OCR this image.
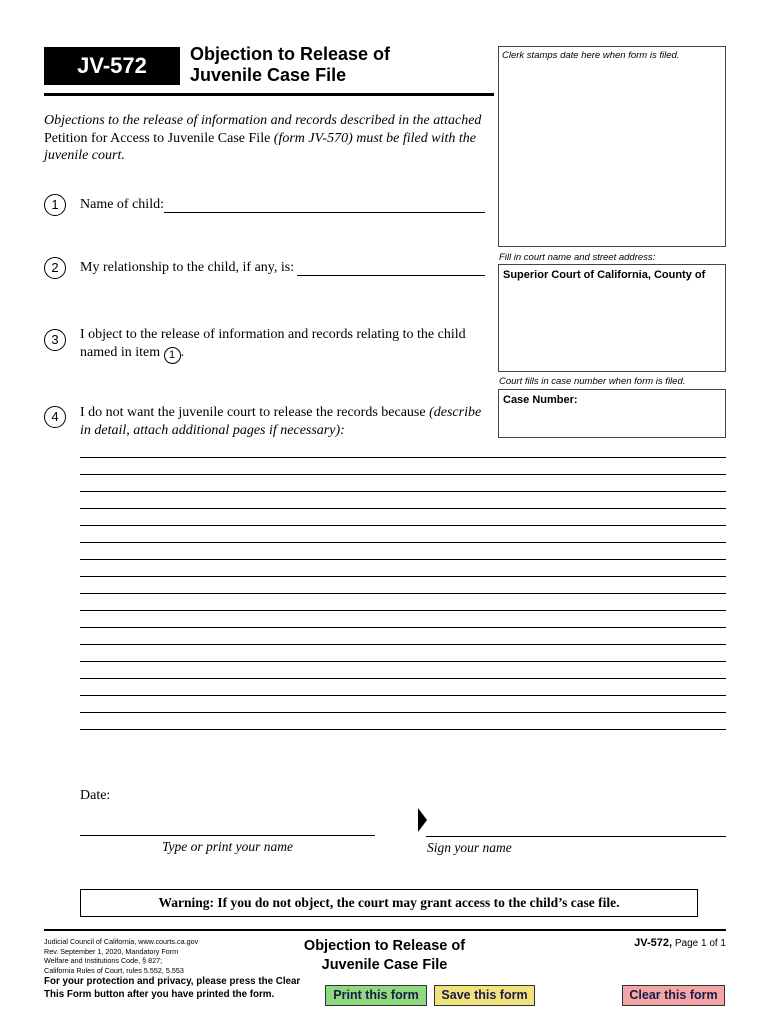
JV-572	Objection to Release of
Juvenile Case File
Objections to the release of information and records described in the attached Petition for Access to Juvenile Case File (form JV-570) must be filed with the juvenile court.
Clerk stamps date here when form is filed.
Fill in court name and street address:
Superior Court of California, County of
Court fills in case number when form is filed.
Case Number:
1	Name of child:
2	My relationship to the child, if any, is:
3	I object to the release of information and records relating to the child
named in item 1 .
4	I do not want the juvenile court to release the records because (describe
in detail, attach additional pages if necessary):
Date:
Type or print your name	Sign your name
Warning: If you do not object, the court may grant access to the child’s case file.
Judicial Council of California, www.courts.ca.gov
Rev. September 1, 2020, Mandatory Form
Welfare and Institutions Code, § 827;
California Rules of Court, rules 5.552, 5.553
Objection to Release of
Juvenile Case File
JV-572, Page 1 of 1
For your protection and privacy, please press the Clear
This Form button after you have printed the form.	Print this form	Save this form	Clear this form
